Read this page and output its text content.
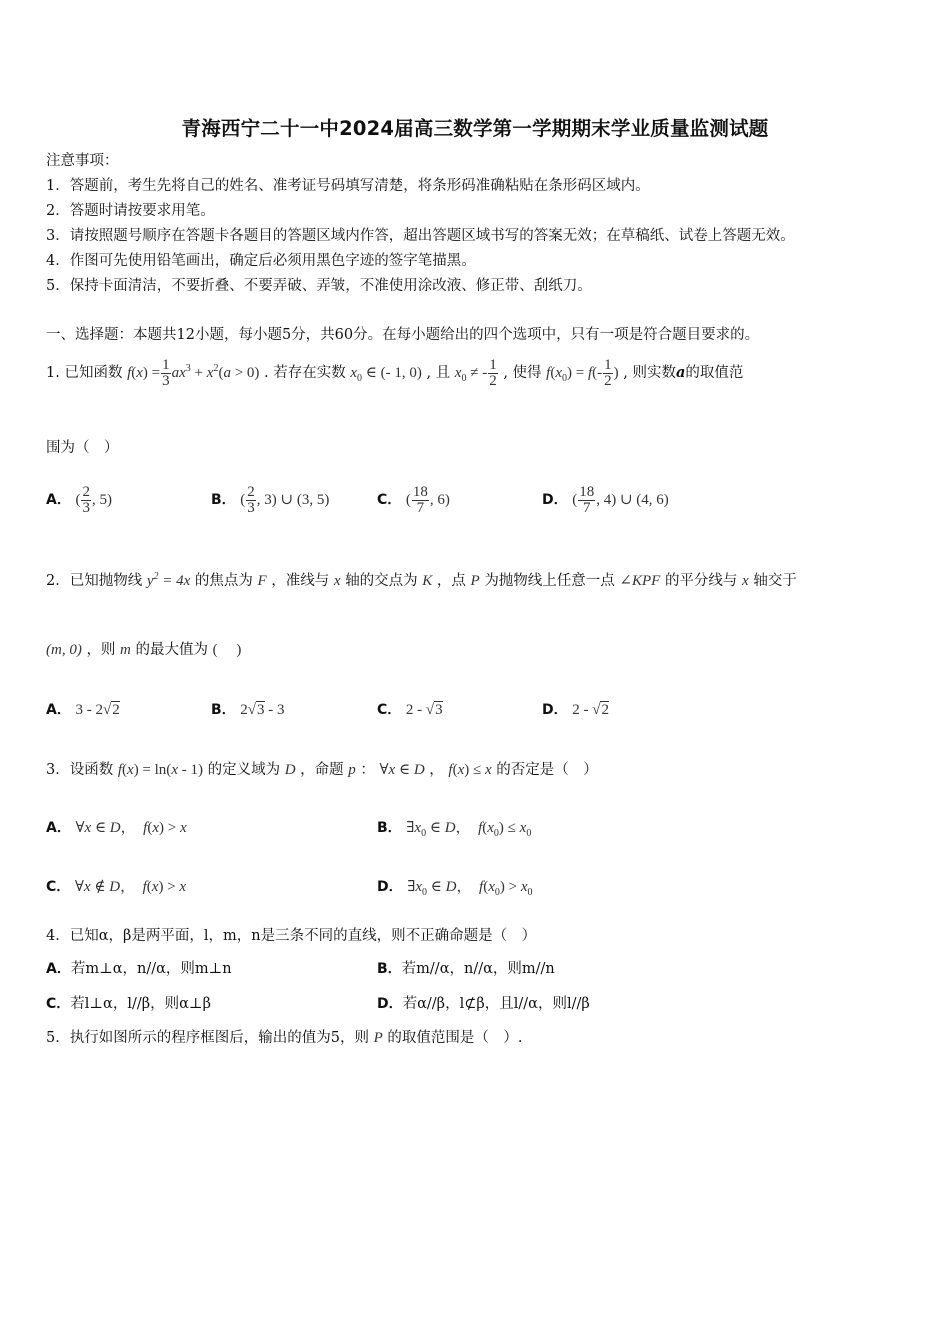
青海西宁二十一中2024届高三数学第一学期期末学业质量监测试题
注意事项：
1．答题前，考生先将自己的姓名、准考证号码填写清楚，将条形码准确粘贴在条形码区域内。
2．答题时请按要求用笔。
3．请按照题号顺序在答题卡各题目的答题区域内作答，超出答题区域书写的答案无效；在草稿纸、试卷上答题无效。
4．作图可先使用铅笔画出，确定后必须用黑色字迹的签字笔描黑。
5．保持卡面清洁，不要折叠、不要弄破、弄皱，不准使用涂改液、修正带、刮纸刀。
一、选择题：本题共12小题，每小题5分，共60分。在每小题给出的四个选项中，只有一项是符合题目要求的。
1. 已知函数 $f(x) = \frac{1}{3} ax^3 + x^2(a > 0)$ . 若存在实数 $x_0$ ∈ (- 1, 0) , 且 $x_0$ ≠ - $\frac{1}{2}$ , 使得 $f(x_0) = f(- \frac{1}{2}$ ) , 则实数a的取值范
围为（　）
A． ( $\frac{2}{3}$ , 5)	B． ( $\frac{2}{3}$ , 3) ∪ (3, 5)	C． ( $\frac{18}{7}$ , 6)	D． ( $\frac{18}{7}$ , 4) ∪ (4, 6)
2．已知抛物线 $y^2 = 4x$ 的焦点为 F ，准线与 x 轴的交点为 K ，点 P 为抛物线上任意一点 ∠KPF 的平分线与 x 轴交于
(m, 0) ，则 m 的最大值为 (　 )
A． 3 - 2√2	B． 2√3 - 3	C． 2 - √3	D． 2 - √2
3．设函数 f(x) = ln(x - 1) 的定义域为 D ，命题 p ： ∀x ∈ D ， f(x) ≤ x 的否定是（　）
A． ∀x ∈ D，　f(x) > x	B． $\exists x_0$ ∈ D，　$f(x_0) \le x_0$
C． ∀x ∉ D，　f(x) > x	D． $\exists x_0$ ∈ D，　$f(x_0) > x_0$
4．已知α，β是两平面，l，m，n是三条不同的直线，则不正确命题是（　）
A．若m⊥α，n//α，则m⊥n	B．若m//α，n//α，则m//n
C．若l⊥α，l//β，则α⊥β	D．若α//β，l⊄β，且l//α，则l//β
5．执行如图所示的程序框图后，输出的值为5，则 P 的取值范围是（　）.
